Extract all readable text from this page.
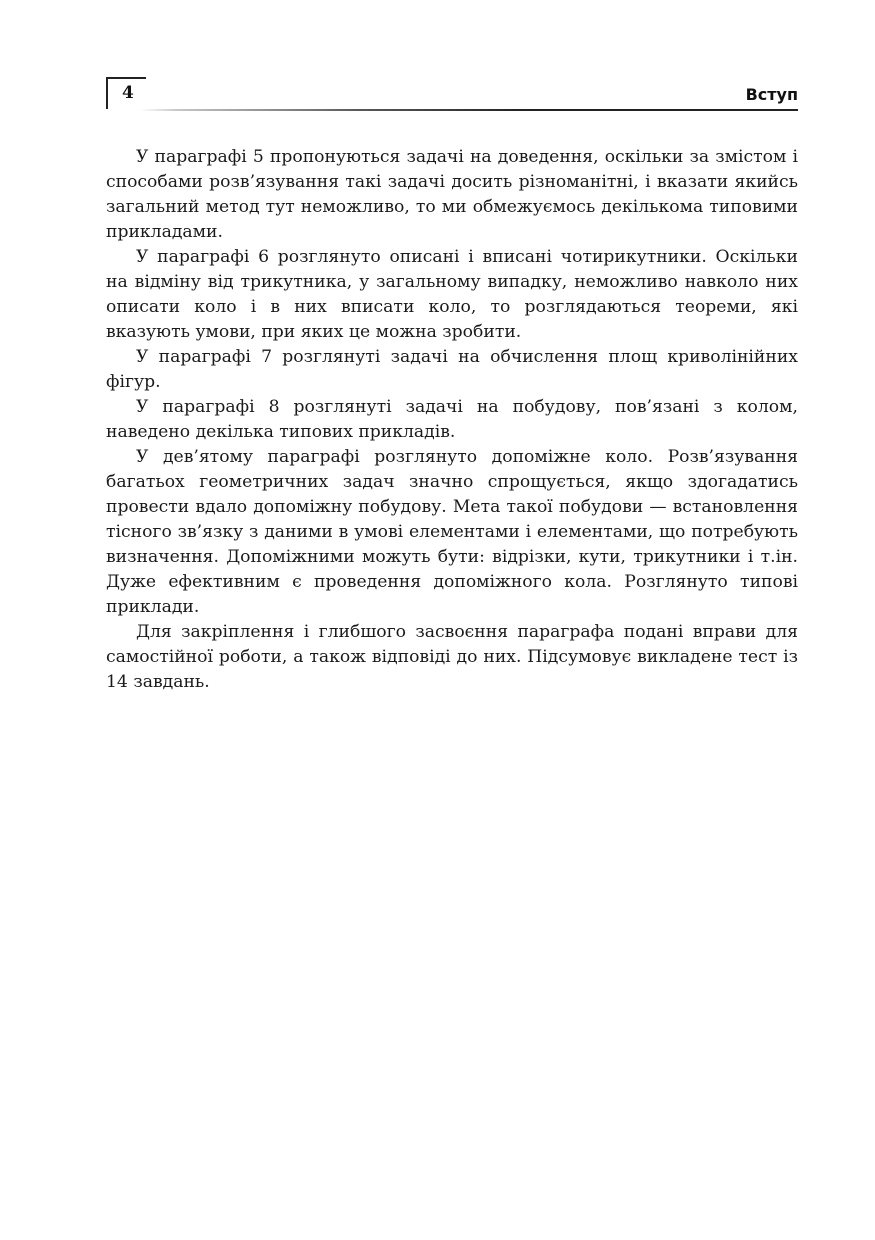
4	Вступ

У параграфі 5 пропонуються задачі на доведення, оскільки за змістом і способами розв’язування такі задачі досить різноманітні, і вказати якийсь загальний метод тут неможливо, то ми обмежуємось декількома типовими прикладами.

У параграфі 6 розглянуто описані і вписані чотирикутники. Оскільки на відміну від трикутника, у загальному випадку, неможливо навколо них описати коло і в них вписати коло, то розглядаються теореми, які вказують умови, при яких це можна зробити.

У параграфі 7 розглянуті задачі на обчислення площ криволінійних фігур.

У параграфі 8 розглянуті задачі на побудову, пов’язані з колом, наведено декілька типових прикладів.

У дев’ятому параграфі розглянуто допоміжне коло. Розв’язування багатьох геометричних задач значно спрощується, якщо здогадатись провести вдало допоміжну побудову. Мета такої побудови — встановлення тісного зв’язку з даними в умові елементами і елементами, що потребують визначення. Допоміжними можуть бути: відрізки, кути, трикутники і т.ін. Дуже ефективним є проведення допоміжного кола. Розглянуто типові приклади.

Для закріплення і глибшого засвоєння параграфа подані вправи для самостійної роботи, а також відповіді до них. Підсумовує викладене тест із 14 завдань.
